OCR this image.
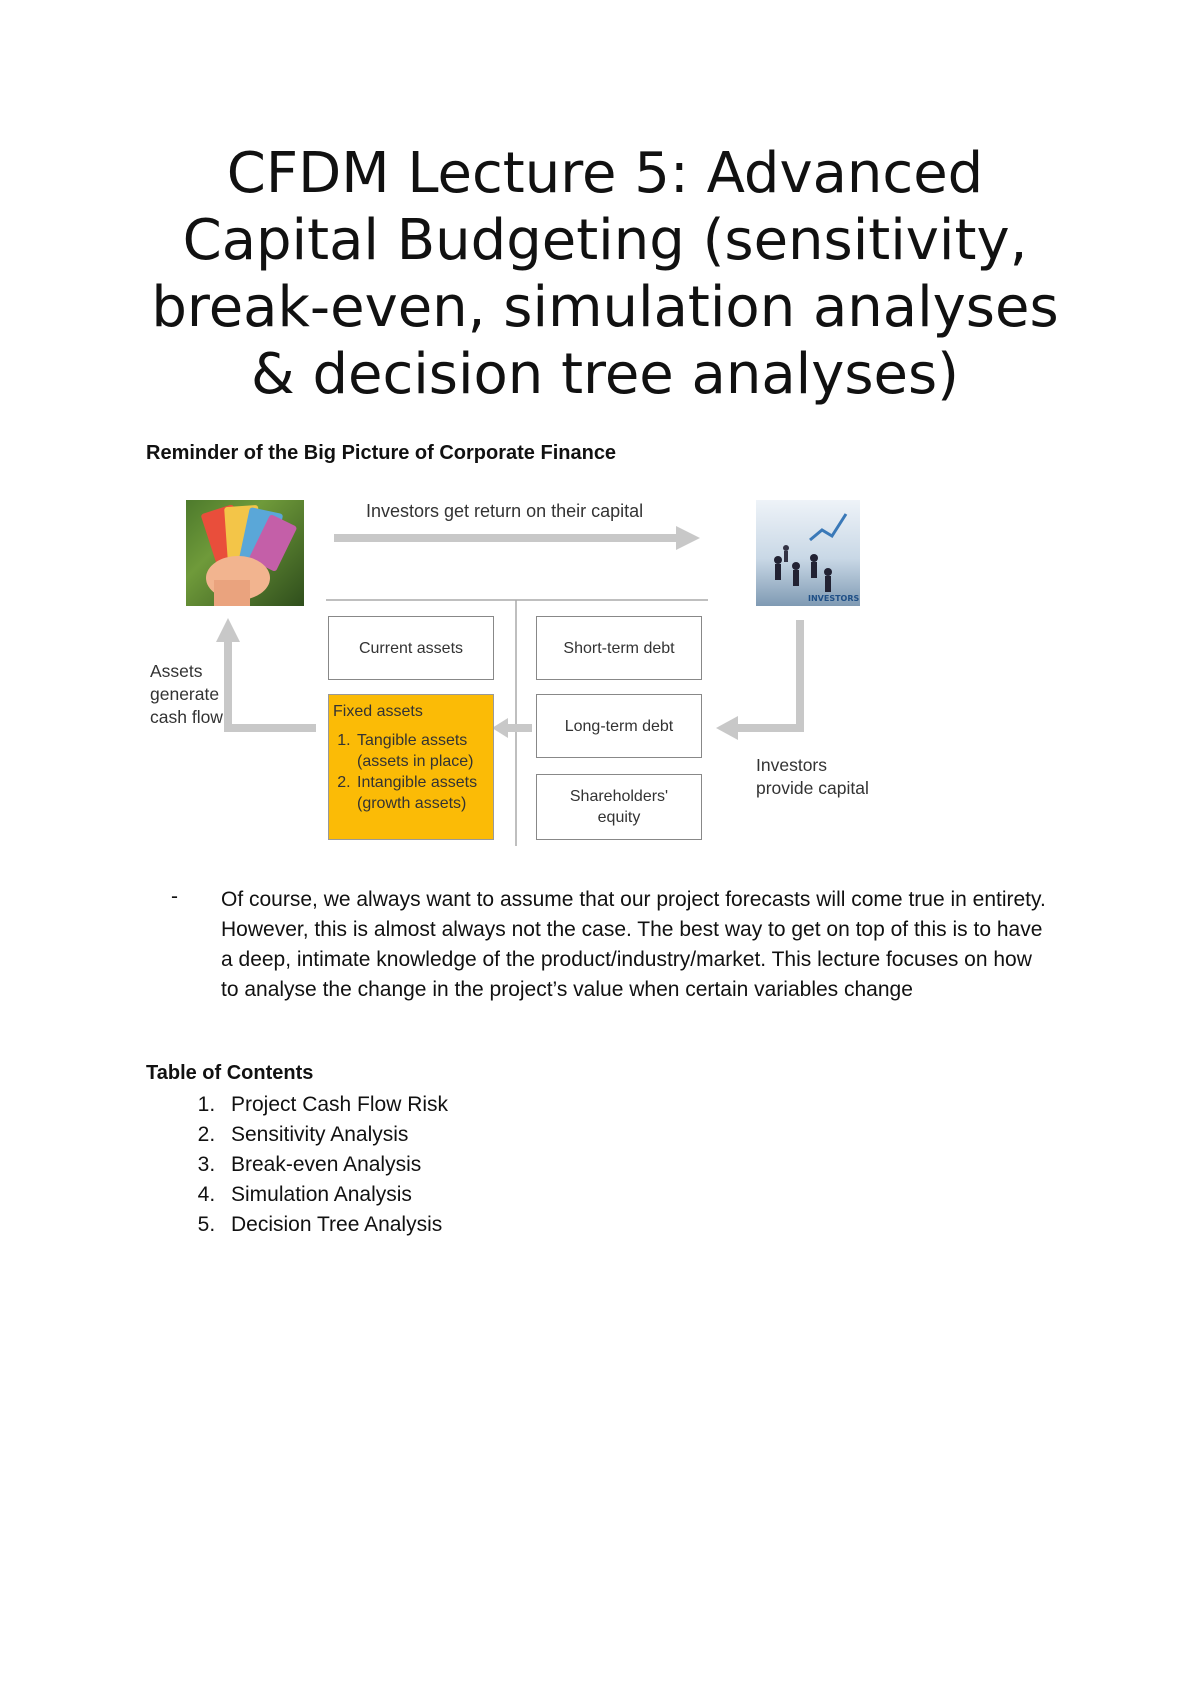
CFDM Lecture 5: Advanced Capital Budgeting (sensitivity, break-even, simulation analyses & decision tree analyses)
Reminder of the Big Picture of Corporate Finance
Investors get return on their capital
INVESTORS
Assets
generate
cash flow
Investors
provide capital
Current assets
Fixed assets
1. Tangible assets (assets in place)
2. Intangible assets (growth assets)
Short-term debt
Long-term debt
Shareholders'
equity
- Of course, we always want to assume that our project forecasts will come true in entirety. However, this is almost always not the case. The best way to get on top of this is to have a deep, intimate knowledge of the product/industry/market. This lecture focuses on how to analyse the change in the project’s value when certain variables change

Table of Contents
1. Project Cash Flow Risk
2. Sensitivity Analysis
3. Break-even Analysis
4. Simulation Analysis
5. Decision Tree Analysis
